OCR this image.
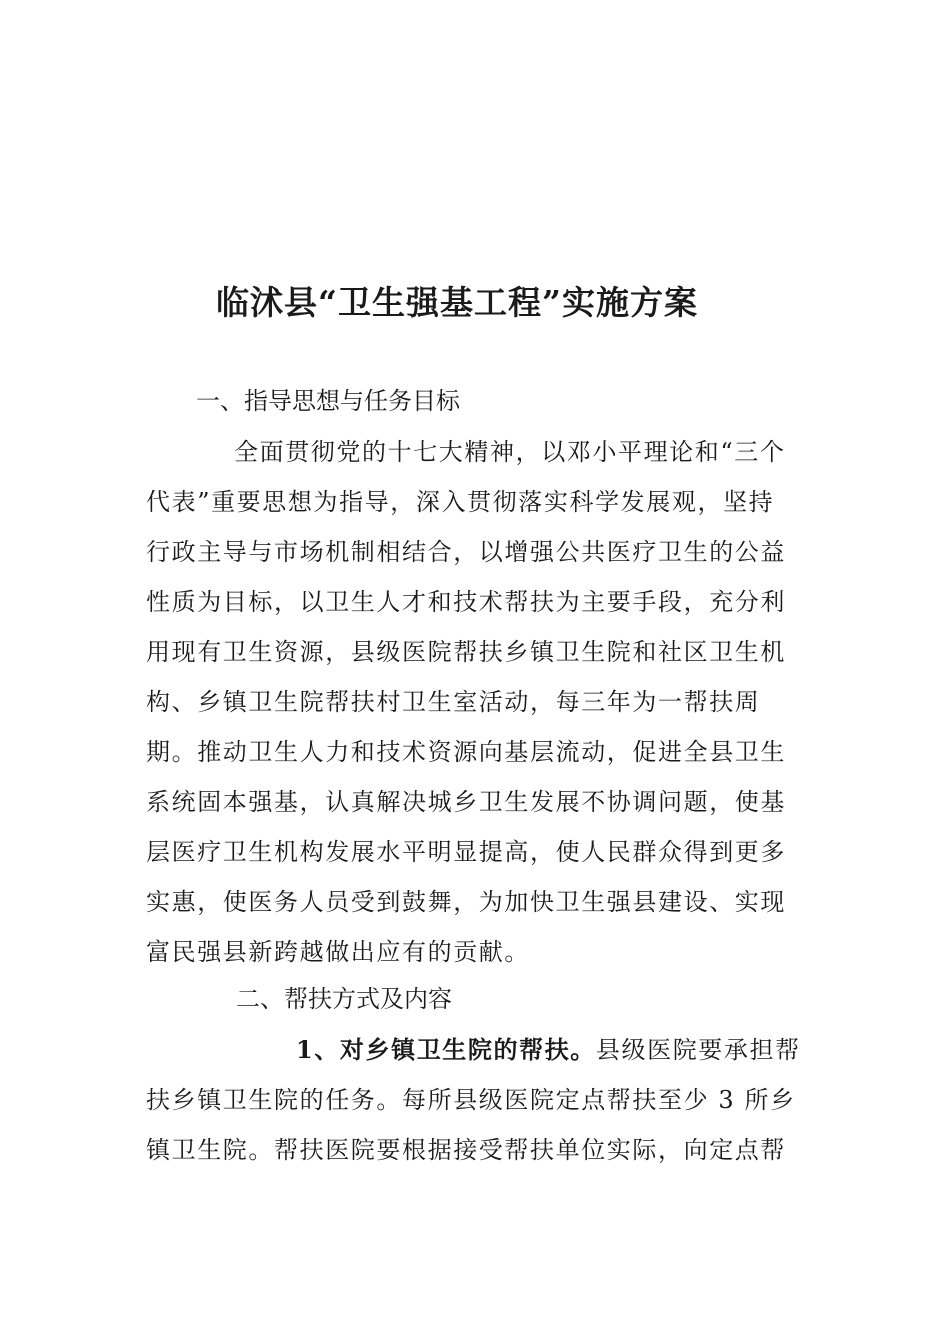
临沭县“卫生强基工程”实施方案
一、指导思想与任务目标
全面贯彻党的十七大精神，以邓小平理论和“三个
代表”重要思想为指导，深入贯彻落实科学发展观，坚持
行政主导与市场机制相结合，以增强公共医疗卫生的公益
性质为目标，以卫生人才和技术帮扶为主要手段，充分利
用现有卫生资源，县级医院帮扶乡镇卫生院和社区卫生机
构、乡镇卫生院帮扶村卫生室活动，每三年为一帮扶周
期。推动卫生人力和技术资源向基层流动，促进全县卫生
系统固本强基，认真解决城乡卫生发展不协调问题，使基
层医疗卫生机构发展水平明显提高，使人民群众得到更多
实惠，使医务人员受到鼓舞，为加快卫生强县建设、实现
富民强县新跨越做出应有的贡献。
二、帮扶方式及内容
1、对乡镇卫生院的帮扶。县级医院要承担帮
扶乡镇卫生院的任务。每所县级医院定点帮扶至少 3 所乡
镇卫生院。帮扶医院要根据接受帮扶单位实际，向定点帮
